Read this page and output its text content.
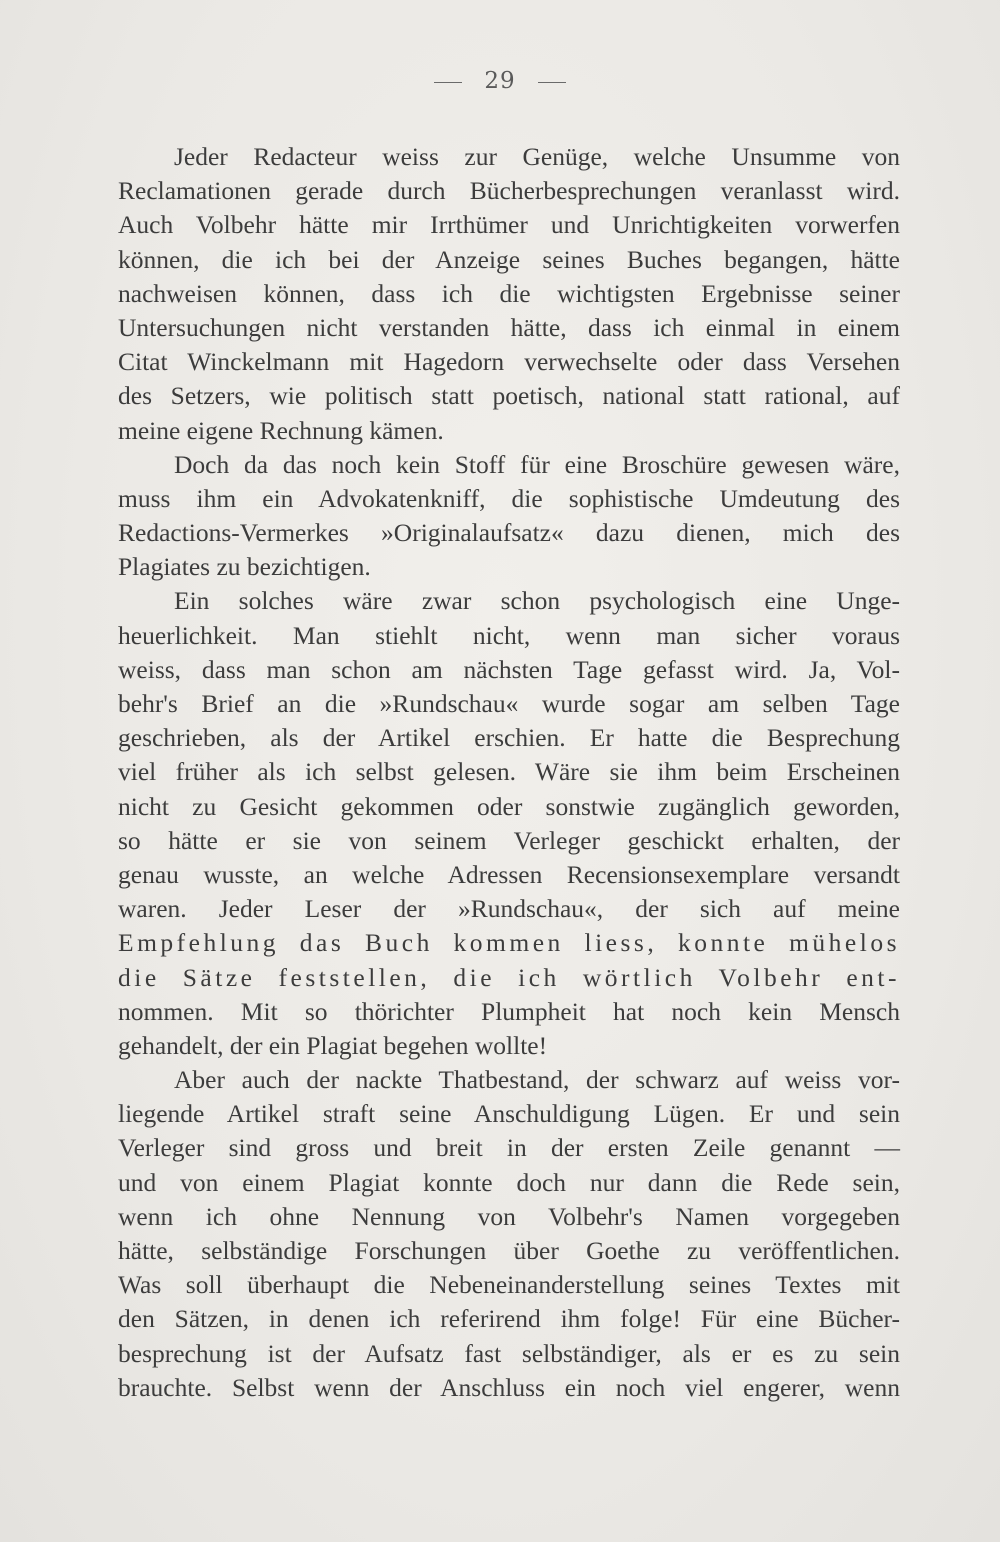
29
Jeder Redacteur weiss zur Genüge, welche Unsumme von
Reclamationen gerade durch Bücherbesprechungen veranlasst wird.
Auch Volbehr hätte mir Irrthümer und Unrichtigkeiten vorwerfen
können, die ich bei der Anzeige seines Buches begangen, hätte
nachweisen können, dass ich die wichtigsten Ergebnisse seiner
Untersuchungen nicht verstanden hätte, dass ich einmal in einem
Citat Winckelmann mit Hagedorn verwechselte oder dass Versehen
des Setzers, wie politisch statt poetisch, national statt rational, auf
meine eigene Rechnung kämen.
Doch da das noch kein Stoff für eine Broschüre gewesen wäre,
muss ihm ein Advokatenkniff, die sophistische Umdeutung des
Redactions-Vermerkes »Originalaufsatz« dazu dienen, mich des
Plagiates zu bezichtigen.
Ein solches wäre zwar schon psychologisch eine Unge-
heuerlichkeit. Man stiehlt nicht, wenn man sicher voraus
weiss, dass man schon am nächsten Tage gefasst wird. Ja, Vol-
behr's Brief an die »Rundschau« wurde sogar am selben Tage
geschrieben, als der Artikel erschien. Er hatte die Besprechung
viel früher als ich selbst gelesen. Wäre sie ihm beim Erscheinen
nicht zu Gesicht gekommen oder sonstwie zugänglich geworden,
so hätte er sie von seinem Verleger geschickt erhalten, der
genau wusste, an welche Adressen Recensionsexemplare versandt
waren. Jeder Leser der »Rundschau«, der sich auf meine
Empfehlung das Buch kommen liess, konnte mühelos
die Sätze feststellen, die ich wörtlich Volbehr ent-
nommen. Mit so thörichter Plumpheit hat noch kein Mensch
gehandelt, der ein Plagiat begehen wollte!
Aber auch der nackte Thatbestand, der schwarz auf weiss vor-
liegende Artikel straft seine Anschuldigung Lügen. Er und sein
Verleger sind gross und breit in der ersten Zeile genannt —
und von einem Plagiat konnte doch nur dann die Rede sein,
wenn ich ohne Nennung von Volbehr's Namen vorgegeben
hätte, selbständige Forschungen über Goethe zu veröffentlichen.
Was soll überhaupt die Nebeneinanderstellung seines Textes mit
den Sätzen, in denen ich referirend ihm folge! Für eine Bücher-
besprechung ist der Aufsatz fast selbständiger, als er es zu sein
brauchte. Selbst wenn der Anschluss ein noch viel engerer, wenn
